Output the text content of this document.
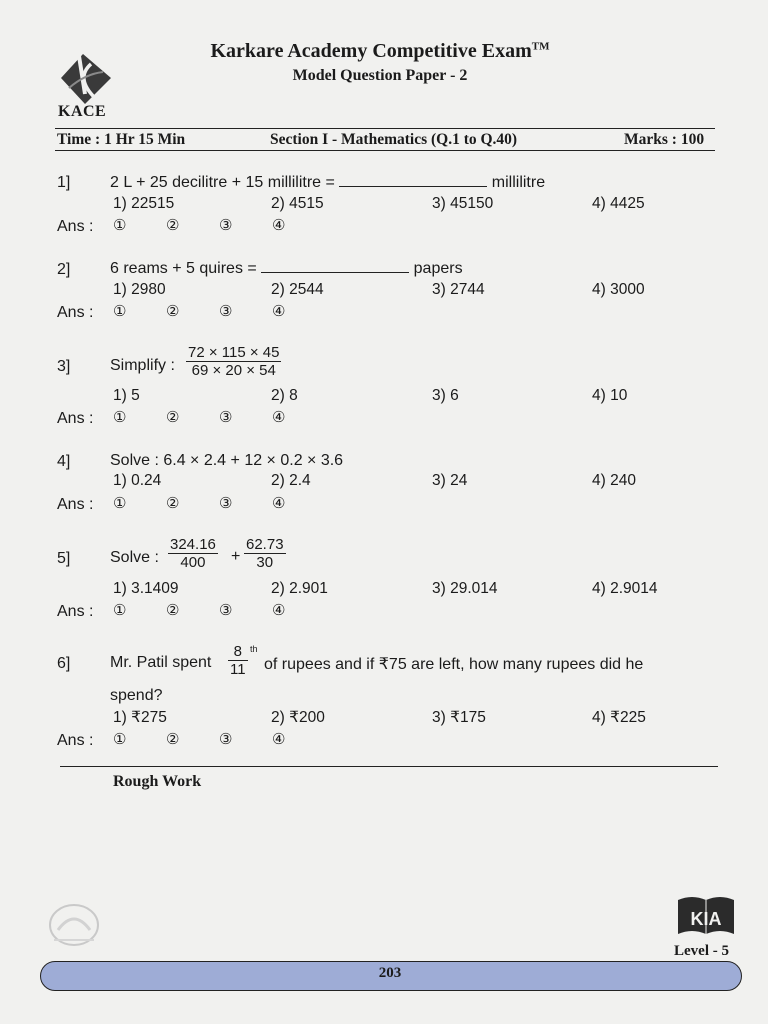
KACE
Karkare Academy Competitive Exam™
Model Question Paper - 2
Time : 1 Hr 15 Min	Section I - Mathematics (Q.1 to Q.40)	Marks : 100
1] 2 L + 25 decilitre + 15 millilitre =	millilitre
1) 22515	2) 4515	3) 45150	4) 4425
Ans : ①	②	③	④
2] 6 reams + 5 quires =	papers
1) 2980	2) 2544	3) 2744	4) 3000
Ans : ①	②	③	④
3] Simplify : $\frac{72 \times 115 \times 45}{69 \times 20 \times 54}$
1) 5	2) 8	3) 6	4) 10
Ans : ①	②	③	④
4] Solve : 6.4 × 2.4 + 12 × 0.2 × 3.6
1) 0.24	2) 2.4	3) 24	4) 240
Ans : ①	②	③	④
5] Solve : $\frac{324.16}{400} + \frac{62.73}{30}$
1) 3.1409	2) 2.901	3) 29.014	4) 2.9014
Ans : ①	②	③	④
6] Mr. Patil spent $\frac{8}{11}$ th
of rupees and if ₹75 are left, how many rupees did he
spend?
1) ₹275	2) ₹200	3) ₹175	4) ₹225
Ans : ①	②	③	④
Rough Work
KIA
Level - 5
203
